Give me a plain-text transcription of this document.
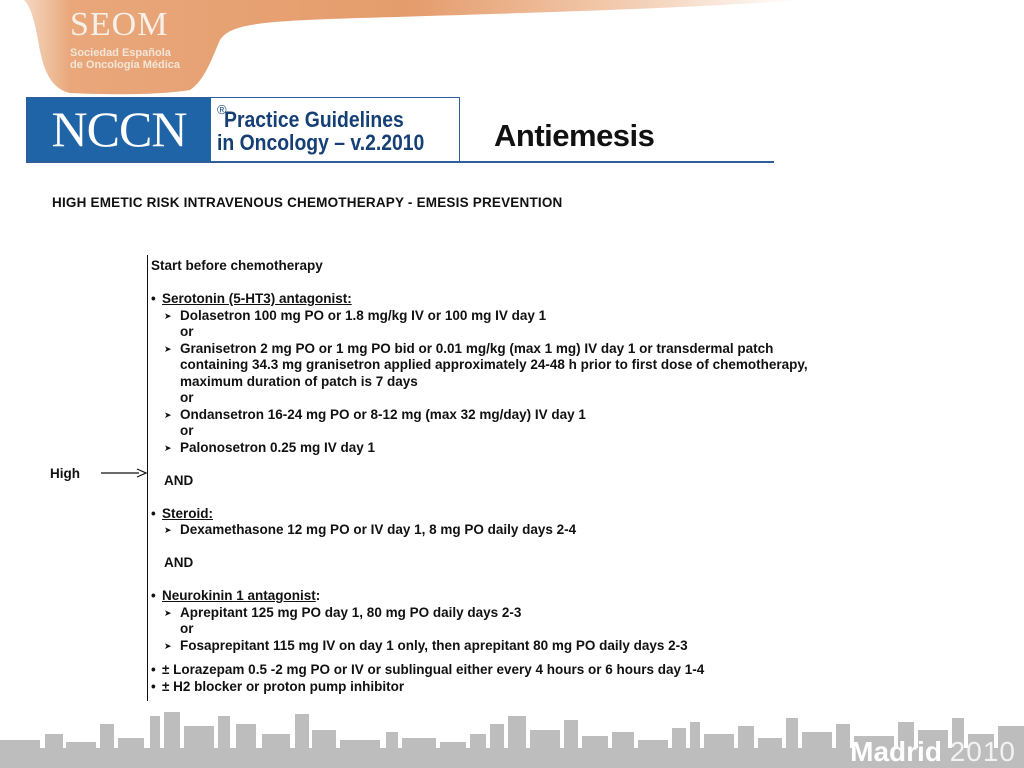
SEOM
Sociedad Española
de Oncología Médica
NCCN	®
Practice Guidelines
in Oncology – v.2.2010 Antiemesis
HIGH EMETIC RISK INTRAVENOUS CHEMOTHERAPY - EMESIS PREVENTION
High
Start before chemotherapy
• Serotonin (5-HT3) antagonist:
➤ Dolasetron 100 mg PO or 1.8 mg/kg IV or 100 mg IV day 1
or
➤ Granisetron 2 mg PO or 1 mg PO bid or 0.01 mg/kg (max 1 mg) IV day 1 or transdermal patch
containing 34.3 mg granisetron applied approximately 24-48 h prior to first dose of chemotherapy,
maximum duration of patch is 7 days
or
➤ Ondansetron 16-24 mg PO or 8-12 mg (max 32 mg/day) IV day 1
or
➤ Palonosetron 0.25 mg IV day 1
AND
• Steroid:
➤ Dexamethasone 12 mg PO or IV day 1, 8 mg PO daily days 2-4
AND
• Neurokinin 1 antagonist:
➤ Aprepitant 125 mg PO day 1, 80 mg PO daily days 2-3
or
➤ Fosaprepitant 115 mg IV on day 1 only, then aprepitant 80 mg PO daily days 2-3
• ± Lorazepam 0.5 -2 mg PO or IV or sublingual either every 4 hours or 6 hours day 1-4
• ± H2 blocker or proton pump inhibitor
Madrid 2010
